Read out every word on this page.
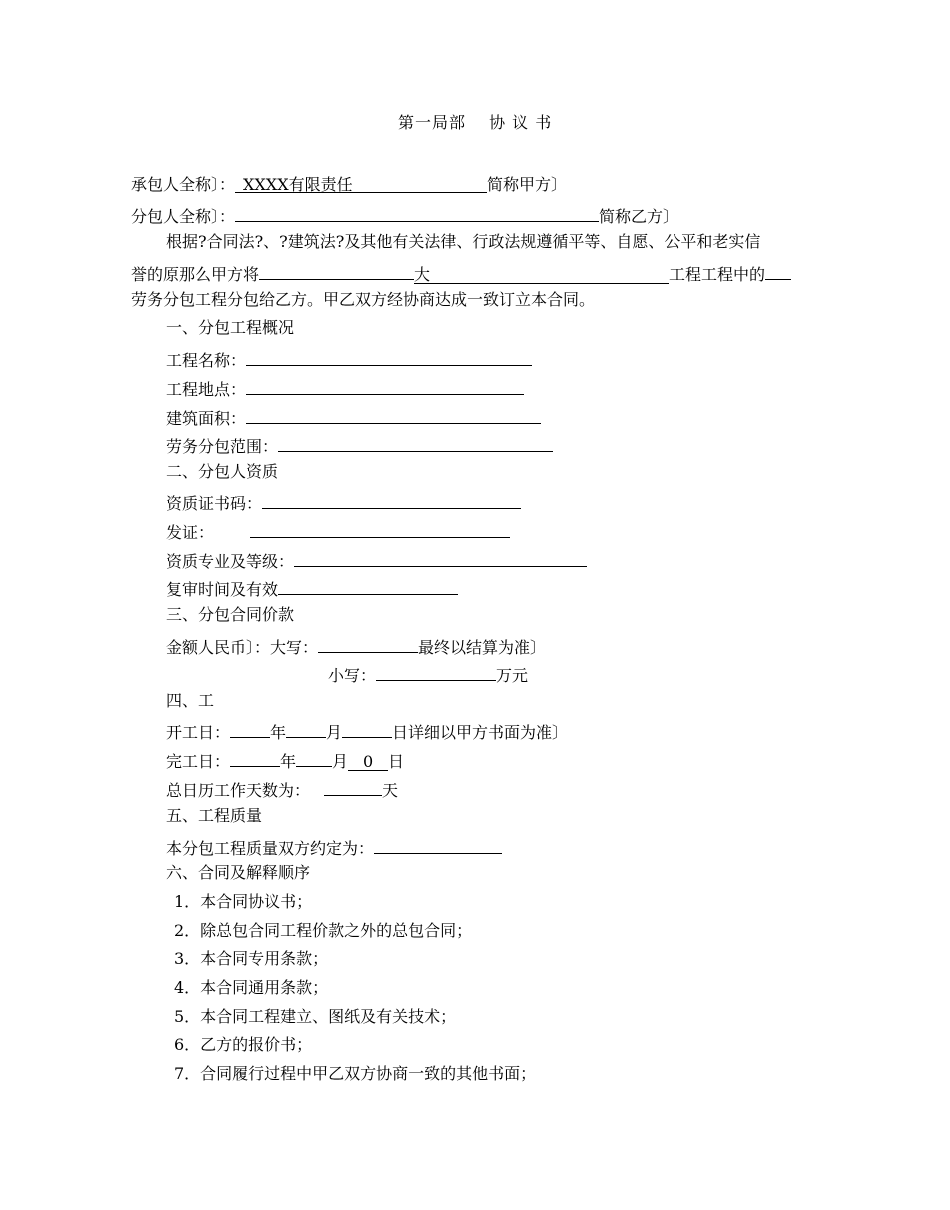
第一局部　 协 议 书
承包人全称〕： XXXX有限责任	简称甲方〕
分包人全称〕：	简称乙方〕
根据?合同法?、?建筑法?及其他有关法律、行政法规遵循平等、自愿、公平和老实信
誉的原那么甲方将	大	工程工程中的
劳务分包工程分包给乙方。甲乙双方经协商达成一致订立本合同。
一、分包工程概况
工程名称：
工程地点：
建筑面积：
劳务分包范围：
二、分包人资质
资质证书码：
发证：
资质专业及等级：
复审时间及有效
三、分包合同价款
金额人民币〕：大写：	最终以结算为准〕
小写：	万元
四、工
开工日：	年	月	日详细以甲方书面为准〕
完工日：	年 月 0 日
总日历工作天数为：	天
五、工程质量
本分包工程质量双方约定为：
六、合同及解释顺序
1．本合同协议书；
2．除总包合同工程价款之外的总包合同；
3．本合同专用条款；
4．本合同通用条款；
5．本合同工程建立、图纸及有关技术；
6．乙方的报价书；
7．合同履行过程中甲乙双方协商一致的其他书面；
